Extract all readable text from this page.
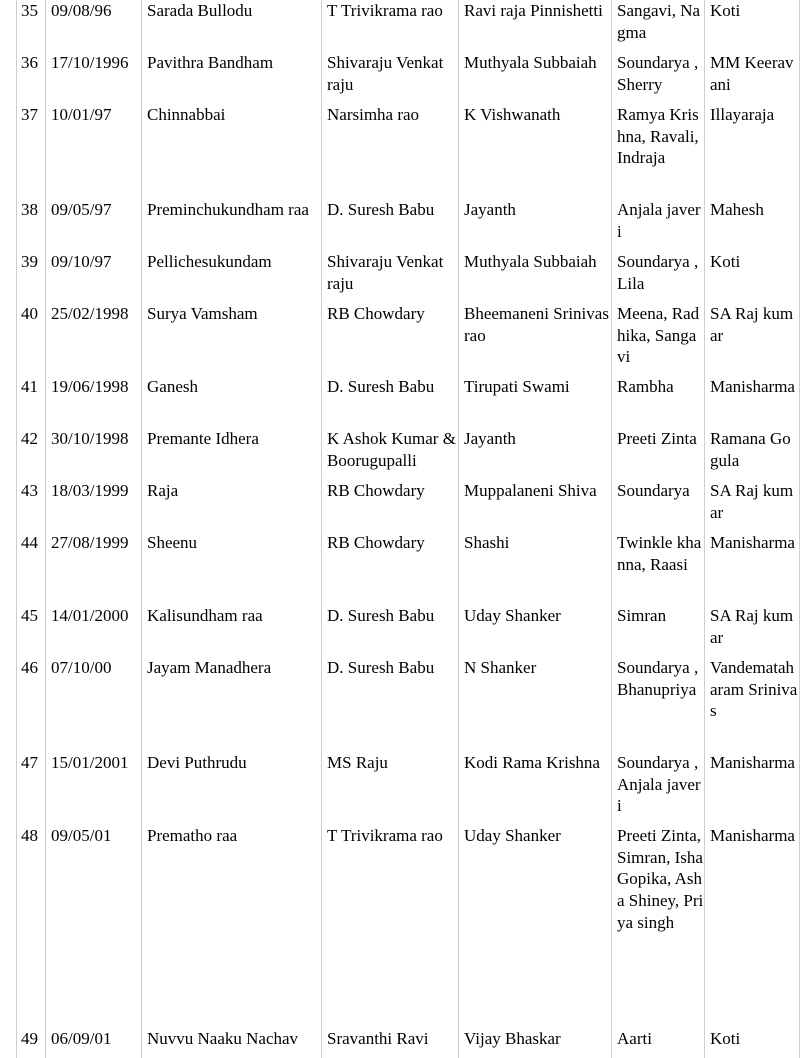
35	09/08/96	Sarada Bullodu	T Trivikrama rao	Ravi raja Pinnishetti	Sangavi, Nagma	Koti
36	17/10/1996	Pavithra Bandham	Shivaraju Venkat raju	Muthyala Subbaiah	Soundarya , Sherry	MM Keeravani
37	10/01/97	Chinnabbai	Narsimha rao	K Vishwanath	Ramya Krishna, Ravali, Indraja	Illayaraja
38	09/05/97	Preminchukundham raa	D. Suresh Babu	Jayanth	Anjala javeri	Mahesh
39	09/10/97	Pellichesukundam	Shivaraju Venkat raju	Muthyala Subbaiah	Soundarya , Lila	Koti
40	25/02/1998	Surya Vamsham	RB Chowdary	Bheemaneni Srinivas rao	Meena, Radhika, Sangavi	SA Raj kumar
41	19/06/1998	Ganesh	D. Suresh Babu	Tirupati Swami	Rambha	Manisharma
42	30/10/1998	Premante Idhera	K Ashok Kumar & Boorugupalli	Jayanth	Preeti Zinta	Ramana Gogula
43	18/03/1999	Raja	RB Chowdary	Muppalaneni Shiva	Soundarya	SA Raj kumar
44	27/08/1999	Sheenu	RB Chowdary	Shashi	Twinkle khanna, Raasi	Manisharma
45	14/01/2000	Kalisundham raa	D. Suresh Babu	Uday Shanker	Simran	SA Raj kumar
46	07/10/00	Jayam Manadhera	D. Suresh Babu	N Shanker	Soundarya , Bhanupriya	Vandemataharam Srinivas
47	15/01/2001	Devi Puthrudu	MS Raju	Kodi Rama Krishna	Soundarya , Anjala javeri	Manisharma
48	09/05/01	Prematho raa	T Trivikrama rao	Uday Shanker	Preeti Zinta, Simran, Isha Gopika, Asha Shiney, Priya singh	Manisharma
49	06/09/01	Nuvvu Naaku Nachav	Sravanthi Ravi	Vijay Bhaskar	Aarti	Koti
